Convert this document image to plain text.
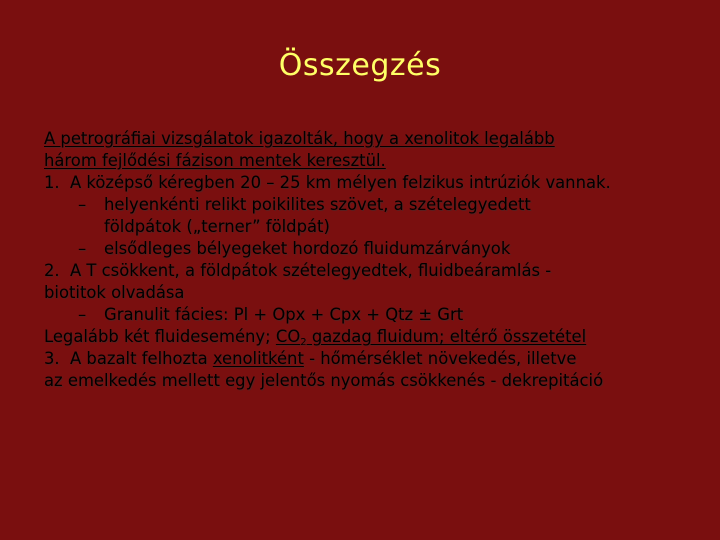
Összegzés
A petrográfiai vizsgálatok igazolták, hogy a xenolitok legalább
három fejlődési fázison mentek keresztül.
1. A középső kéregben 20 – 25 km mélyen felzikus intrúziók vannak.
– helyenkénti relikt poikilites szövet, a szételegyedett
földpátok („terner” földpát)
– elsődleges bélyegeket hordozó fluidumzárványok
2. A T csökkent, a földpátok szételegyedtek, fluidbeáramlás -
biotitok olvadása
– Granulit fácies: Pl + Opx + Cpx + Qtz ± Grt
Legalább két fluidesemény; $CO_2$ gazdag fluidum; eltérő összetétel
3. A bazalt felhozta xenolitként - hőmérséklet növekedés, illetve
az emelkedés mellett egy jelentős nyomás csökkenés - dekrepitáció
